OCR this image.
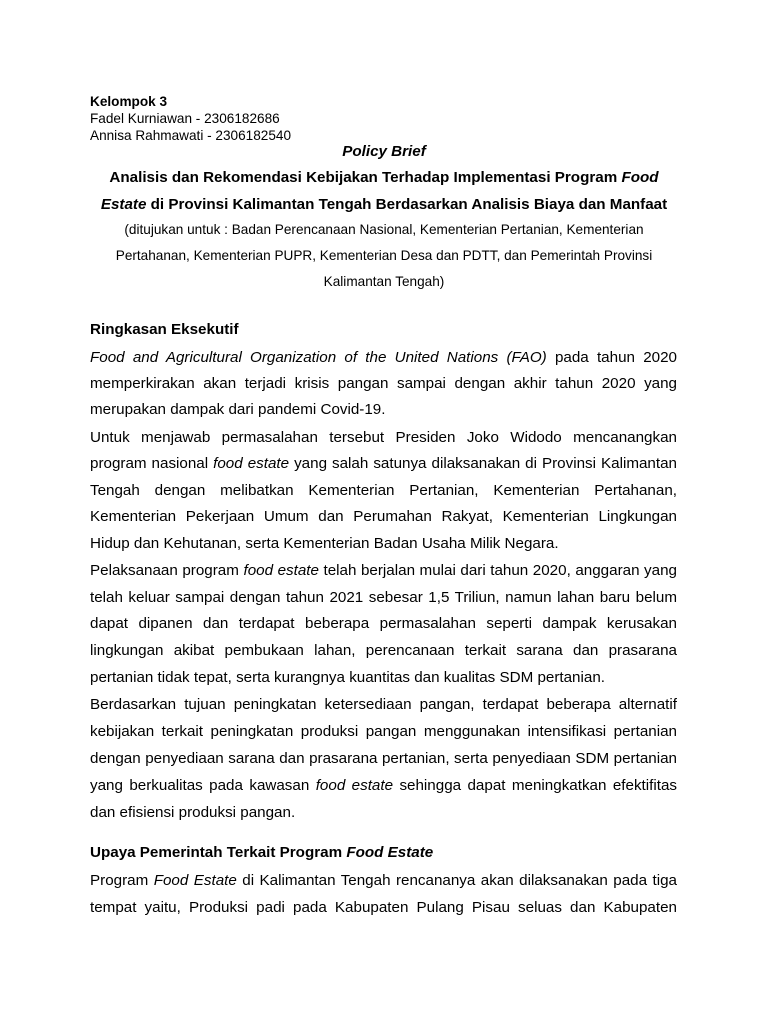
Kelompok 3
Fadel Kurniawan - 2306182686
Annisa Rahmawati - 2306182540
Policy Brief
Analisis dan Rekomendasi Kebijakan Terhadap Implementasi Program Food
Estate di Provinsi Kalimantan Tengah Berdasarkan Analisis Biaya dan Manfaat
(ditujukan untuk : Badan Perencanaan Nasional, Kementerian Pertanian, Kementerian
Pertahanan, Kementerian PUPR, Kementerian Desa dan PDTT, dan Pemerintah Provinsi
Kalimantan Tengah)
Ringkasan Eksekutif
Food and Agricultural Organization of the United Nations (FAO) pada tahun 2020
memperkirakan akan terjadi krisis pangan sampai dengan akhir tahun 2020 yang
merupakan dampak dari pandemi Covid-19.
Untuk menjawab permasalahan tersebut Presiden Joko Widodo mencanangkan
program nasional food estate yang salah satunya dilaksanakan di Provinsi Kalimantan
Tengah dengan melibatkan Kementerian Pertanian, Kementerian Pertahanan,
Kementerian Pekerjaan Umum dan Perumahan Rakyat, Kementerian Lingkungan
Hidup dan Kehutanan, serta Kementerian Badan Usaha Milik Negara.
Pelaksanaan program food estate telah berjalan mulai dari tahun 2020, anggaran yang
telah keluar sampai dengan tahun 2021 sebesar 1,5 Triliun, namun lahan baru belum
dapat dipanen dan terdapat beberapa permasalahan seperti dampak kerusakan
lingkungan akibat pembukaan lahan, perencanaan terkait sarana dan prasarana
pertanian tidak tepat, serta kurangnya kuantitas dan kualitas SDM pertanian.
Berdasarkan tujuan peningkatan ketersediaan pangan, terdapat beberapa alternatif
kebijakan terkait peningkatan produksi pangan menggunakan intensifikasi pertanian
dengan penyediaan sarana dan prasarana pertanian, serta penyediaan SDM pertanian
yang berkualitas pada kawasan food estate sehingga dapat meningkatkan efektifitas
dan efisiensi produksi pangan.
Upaya Pemerintah Terkait Program Food Estate
Program Food Estate di Kalimantan Tengah rencananya akan dilaksanakan pada tiga
tempat yaitu, Produksi padi pada Kabupaten Pulang Pisau seluas dan Kabupaten
